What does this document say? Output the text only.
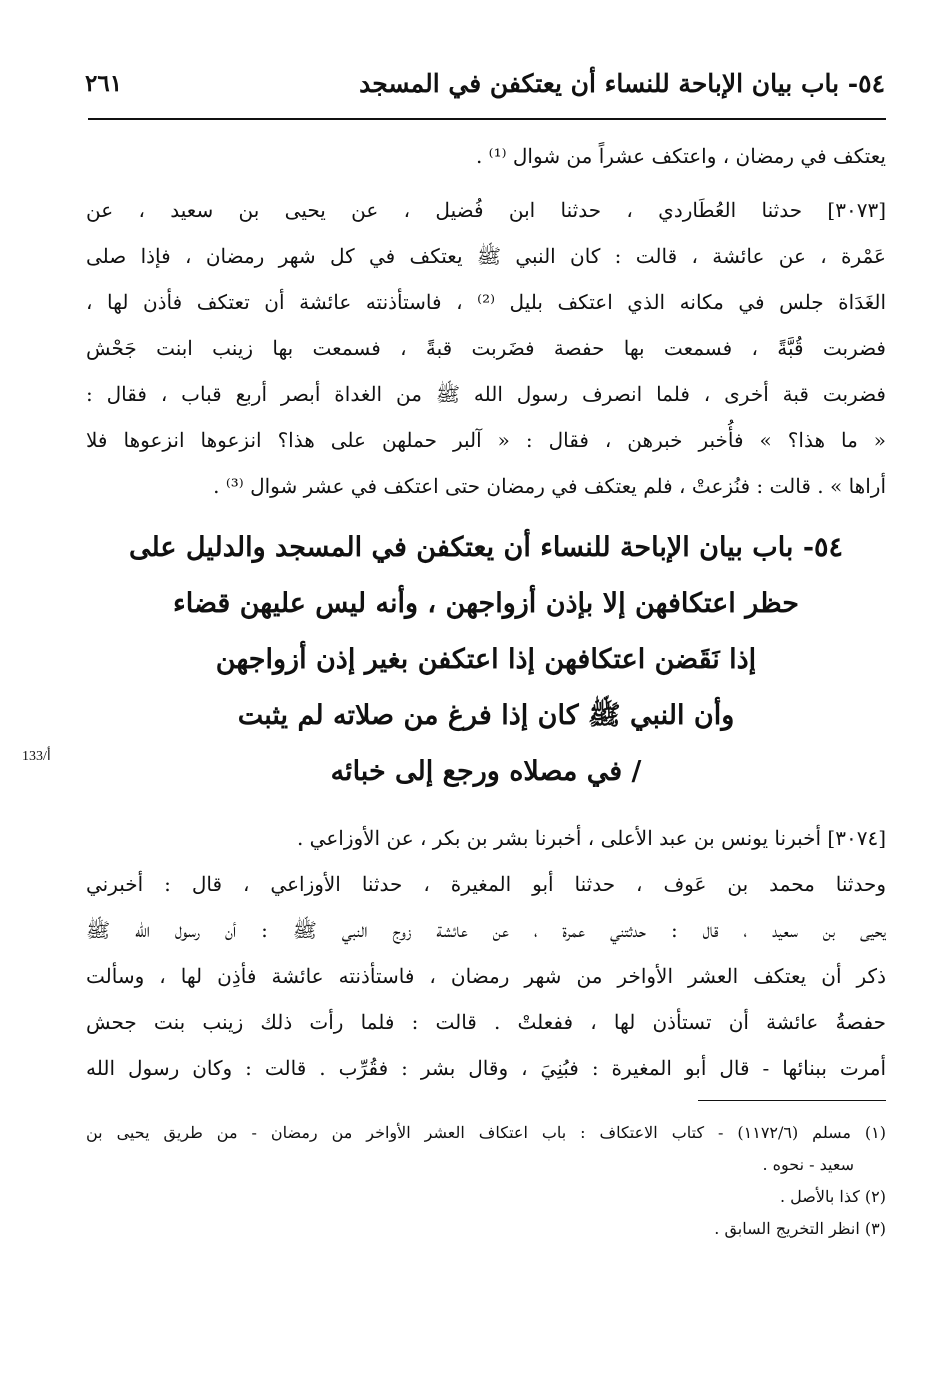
٢٦١	٥٤- باب بيان الإباحة للنساء أن يعتكفن في المسجد
يعتكف في رمضان ، واعتكف عشراً من شوال ⁽¹⁾ .
[٣٠٧٣] حدثنا العُطَاردي ، حدثنا ابن فُضيل ، عن يحيى بن سعيد ، عن
عَمْرة ، عن عائشة ، قالت : كان النبي ﷺ يعتكف في كل شهر رمضان ، فإذا صلى
الغَدَاة جلس في مكانه الذي اعتكف بليل ⁽²⁾ ، فاستأذنته عائشة أن تعتكف فأذن لها ،
فضربت قُبَّةً ، فسمعت بها حفصة فضَربت قبةً ، فسمعت بها زينب ابنت جَحْش
فضربت قبة أخرى ، فلما انصرف رسول الله ﷺ من الغداة أبصر أربع قباب ، فقال :
« ما هذا؟ » فأُخبر خبرهن ، فقال : « آلبر حملهن على هذا؟ انزعوها انزعوها فلا
أراها » . قالت : فنُزعتْ ، فلم يعتكف في رمضان حتى اعتكف في عشر شوال ⁽³⁾ .
٥٤- باب بيان الإباحة للنساء أن يعتكفن في المسجد والدليل على
حظر اعتكافهن إلا بإذن أزواجهن ، وأنه ليس عليهن قضاء
إذا نَقَضن اعتكافهن إذا اعتكفن بغير إذن أزواجهن
وأن النبي ﷺ كان إذا فرغ من صلاته لم يثبت
/ في مصلاه ورجع إلى خبائه
133/أ
[٣٠٧٤] أخبرنا يونس بن عبد الأعلى ، أخبرنا بشر بن بكر ، عن الأوزاعي .
وحدثنا محمد بن عَوف ، حدثنا أبو المغيرة ، حدثنا الأوزاعي ، قال : أخبرني
يحيى بن سعيد ، قال : حدثتني عمرة ، عن عائشة زوج النبي ﷺ : أن رسول الله ﷺ
ذكر أن يعتكف العشر الأواخر من شهر رمضان ، فاستأذنته عائشة فأذِن لها ، وسألت
حفصةُ عائشة أن تستأذن لها ، ففعلتْ . قالت : فلما رأت ذلك زينب بنت جحش
أمرت ببنائها - قال أبو المغيرة : فبُنِيَ ، وقال بشر : فقُرِّب . قالت : وكان رسول الله
(١) مسلم (١١٧٢/٦) - كتاب الاعتكاف : باب اعتكاف العشر الأواخر من رمضان - من طريق يحيى بن
سعيد - نحوه .
(٢) كذا بالأصل .
(٣) انظر التخريج السابق .
